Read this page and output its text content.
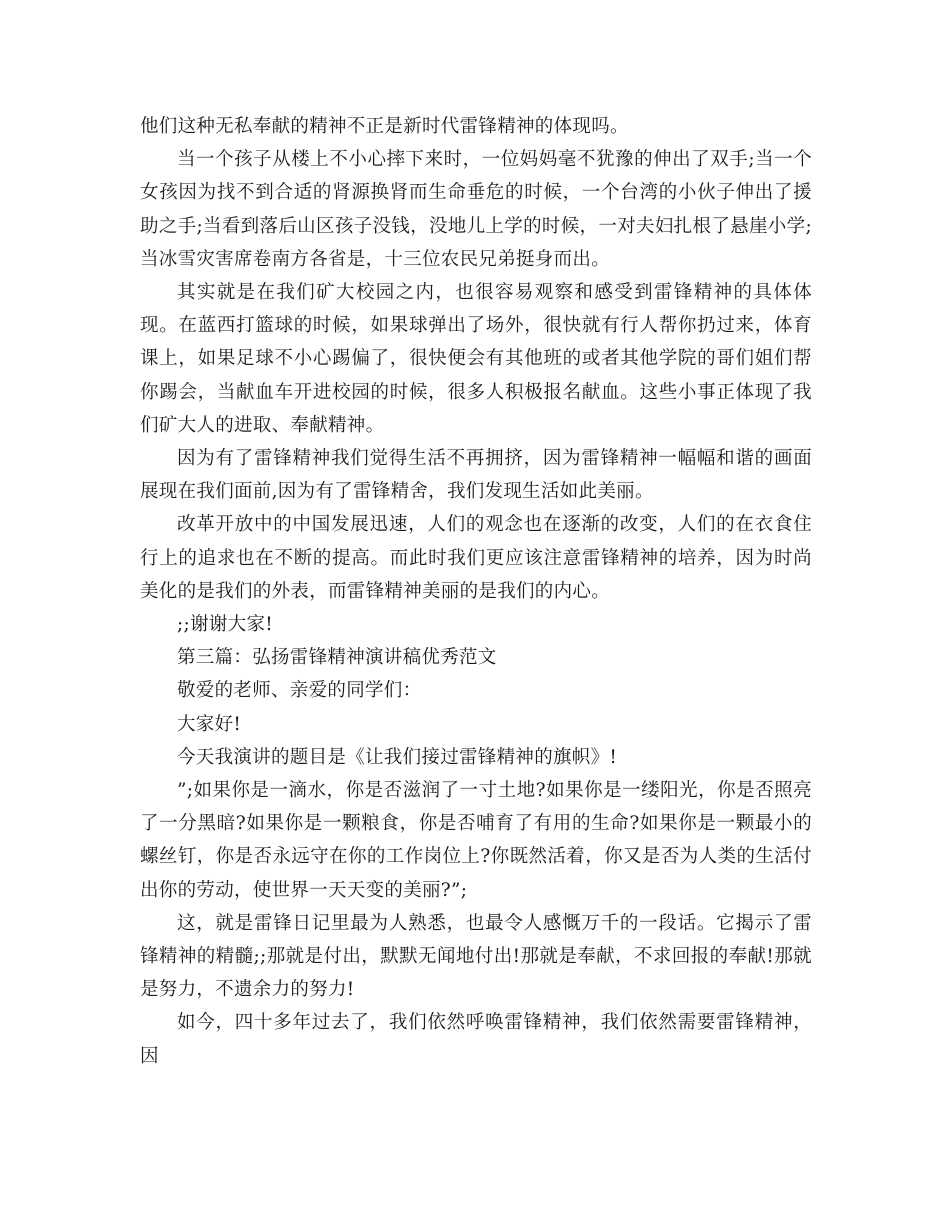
他们这种无私奉献的精神不正是新时代雷锋精神的体现吗。

当一个孩子从楼上不小心摔下来时，一位妈妈毫不犹豫的伸出了双手;当一个女孩因为找不到合适的肾源换肾而生命垂危的时候，一个台湾的小伙子伸出了援助之手;当看到落后山区孩子没钱，没地儿上学的时候，一对夫妇扎根了悬崖小学;当冰雪灾害席卷南方各省是，十三位农民兄弟挺身而出。

其实就是在我们矿大校园之内，也很容易观察和感受到雷锋精神的具体体现。在蓝西打篮球的时候，如果球弹出了场外，很快就有行人帮你扔过来，体育课上，如果足球不小心踢偏了，很快便会有其他班的或者其他学院的哥们姐们帮你踢会，当献血车开进校园的时候，很多人积极报名献血。这些小事正体现了我们矿大人的进取、奉献精神。

因为有了雷锋精神我们觉得生活不再拥挤，因为雷锋精神一幅幅和谐的画面展现在我们面前,因为有了雷锋精舍，我们发现生活如此美丽。

改革开放中的中国发展迅速，人们的观念也在逐渐的改变，人们的在衣食住行上的追求也在不断的提高。而此时我们更应该注意雷锋精神的培养，因为时尚美化的是我们的外表，而雷锋精神美丽的是我们的内心。

;;谢谢大家!

第三篇：弘扬雷锋精神演讲稿优秀范文

敬爱的老师、亲爱的同学们：

大家好!

今天我演讲的题目是《让我们接过雷锋精神的旗帜》!

”;如果你是一滴水，你是否滋润了一寸土地?如果你是一缕阳光，你是否照亮了一分黑暗?如果你是一颗粮食，你是否哺育了有用的生命?如果你是一颗最小的螺丝钉，你是否永远守在你的工作岗位上?你既然活着，你又是否为人类的生活付出你的劳动，使世界一天天变的美丽?”;

这，就是雷锋日记里最为人熟悉，也最令人感慨万千的一段话。它揭示了雷锋精神的精髓;;那就是付出，默默无闻地付出!那就是奉献，不求回报的奉献!那就是努力，不遗余力的努力!

如今，四十多年过去了，我们依然呼唤雷锋精神，我们依然需要雷锋精神，因
